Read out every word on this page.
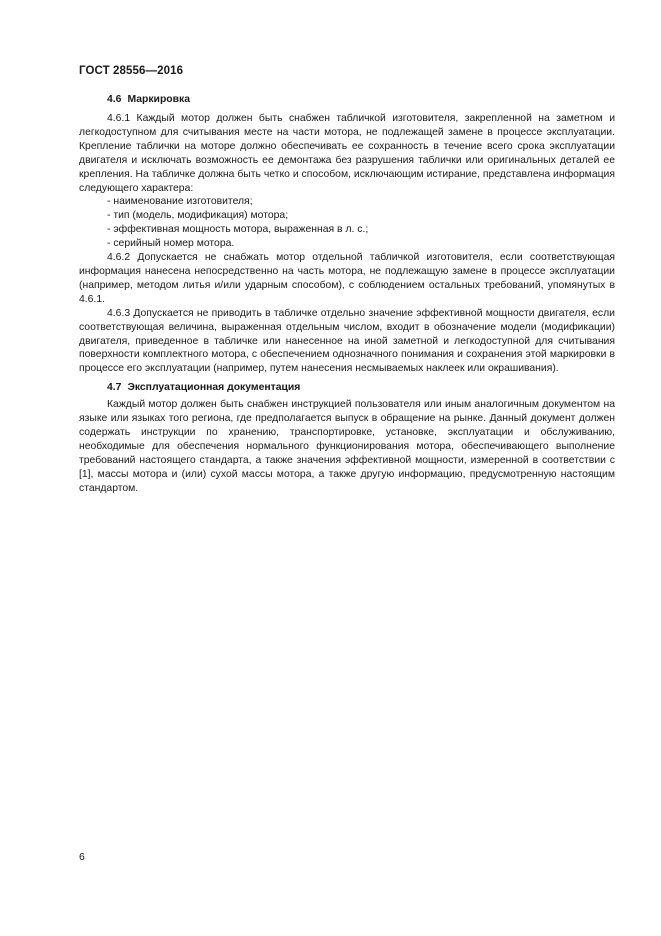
ГОСТ 28556—2016
4.6 Маркировка

4.6.1 Каждый мотор должен быть снабжен табличкой изготовителя, закрепленной на заметном и легкодоступном для считывания месте на части мотора, не подлежащей замене в процессе эксплуатации. Крепление таблички на моторе должно обеспечивать ее сохранность в течение всего срока эксплуатации двигателя и исключать возможность ее демонтажа без разрушения таблички или оригинальных деталей ее крепления. На табличке должна быть четко и способом, исключающим истирание, представлена информация следующего характера:

- наименование изготовителя;
- тип (модель, модификация) мотора;
- эффективная мощность мотора, выраженная в л. с.;
- серийный номер мотора.

4.6.2 Допускается не снабжать мотор отдельной табличкой изготовителя, если соответствующая информация нанесена непосредственно на часть мотора, не подлежащую замене в процессе эксплуатации (например, методом литья и/или ударным способом), с соблюдением остальных требований, упомянутых в 4.6.1.

4.6.3 Допускается не приводить в табличке отдельно значение эффективной мощности двигателя, если соответствующая величина, выраженная отдельным числом, входит в обозначение модели (модификации) двигателя, приведенное в табличке или нанесенное на иной заметной и легкодоступной для считывания поверхности комплектного мотора, с обеспечением однозначного понимания и сохранения этой маркировки в процессе его эксплуатации (например, путем нанесения несмываемых наклеек или окрашивания).

4.7 Эксплуатационная документация

Каждый мотор должен быть снабжен инструкцией пользователя или иным аналогичным документом на языке или языках того региона, где предполагается выпуск в обращение на рынке. Данный документ должен содержать инструкции по хранению, транспортировке, установке, эксплуатации и обслуживанию, необходимые для обеспечения нормального функционирования мотора, обеспечивающего выполнение требований настоящего стандарта, а также значения эффективной мощности, измеренной в соответствии с [1], массы мотора и (или) сухой массы мотора, а также другую информацию, предусмотренную настоящим стандартом.

6
